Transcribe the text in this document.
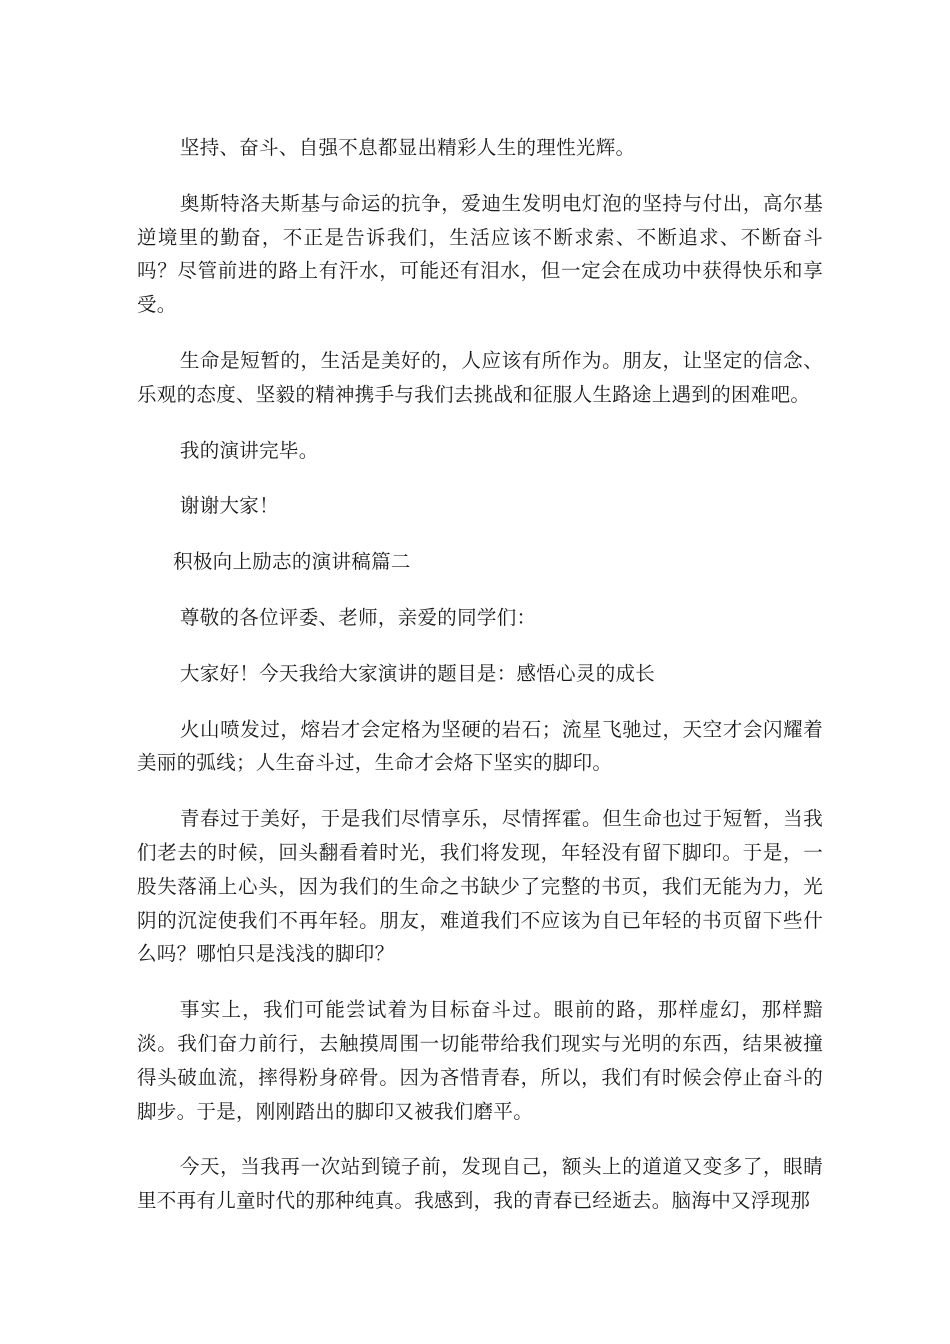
坚持、奋斗、自强不息都显出精彩人生的理性光辉。

奥斯特洛夫斯基与命运的抗争，爱迪生发明电灯泡的坚持与付出，高尔基逆境里的勤奋，不正是告诉我们，生活应该不断求索、不断追求、不断奋斗吗？尽管前进的路上有汗水，可能还有泪水，但一定会在成功中获得快乐和享受。

生命是短暂的，生活是美好的，人应该有所作为。朋友，让坚定的信念、乐观的态度、坚毅的精神携手与我们去挑战和征服人生路途上遇到的困难吧。

我的演讲完毕。

谢谢大家！

积极向上励志的演讲稿篇二

尊敬的各位评委、老师，亲爱的同学们：

大家好！今天我给大家演讲的题目是：感悟心灵的成长

火山喷发过，熔岩才会定格为坚硬的岩石；流星飞驰过，天空才会闪耀着美丽的弧线；人生奋斗过，生命才会烙下坚实的脚印。

青春过于美好，于是我们尽情享乐，尽情挥霍。但生命也过于短暂，当我们老去的时候，回头翻看着时光，我们将发现，年轻没有留下脚印。于是，一股失落涌上心头，因为我们的生命之书缺少了完整的书页，我们无能为力，光阴的沉淀使我们不再年轻。朋友，难道我们不应该为自已年轻的书页留下些什么吗？哪怕只是浅浅的脚印？

事实上，我们可能尝试着为目标奋斗过。眼前的路，那样虚幻，那样黯淡。我们奋力前行，去触摸周围一切能带给我们现实与光明的东西，结果被撞得头破血流，摔得粉身碎骨。因为吝惜青春，所以，我们有时候会停止奋斗的脚步。于是，刚刚踏出的脚印又被我们磨平。

今天，当我再一次站到镜子前，发现自己，额头上的道道又变多了，眼睛里不再有儿童时代的那种纯真。我感到，我的青春已经逝去。脑海中又浮现那
